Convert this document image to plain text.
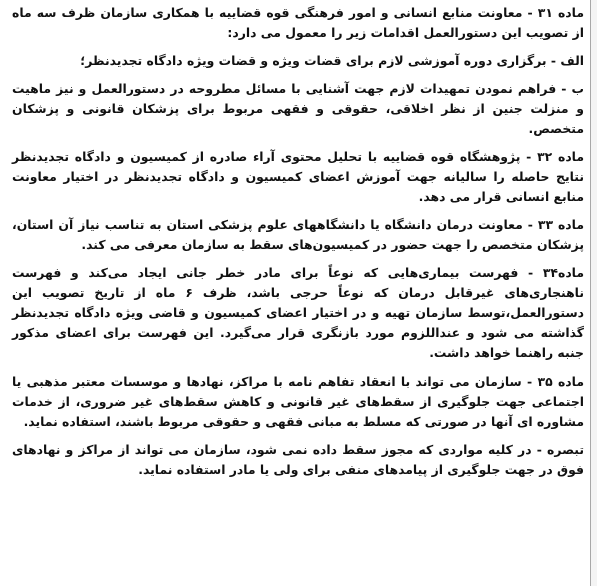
ماده ۳۱ - معاونت منابع انسانی و امور فرهنگی قوه قضاییه با همکاری سازمان ظرف سه ماه از تصویب این دستورالعمل اقدامات زیر را معمول می دارد:

الف - برگزاری دوره آموزشی لازم برای قضات ویژه و قضات ویژه دادگاه تجدیدنظر؛

ب - فراهم نمودن تمهیدات لازم جهت آشنایی با مسائل مطروحه در دستورالعمل و نیز ماهیت و منزلت جنین از نظر اخلاقی، حقوقی و فقهی مربوط برای پزشکان قانونی و پزشکان متخصص.

ماده ۳۲ - پژوهشگاه قوه قضاییه با تحلیل محتوی آراء صادره از کمیسیون و دادگاه تجدیدنظر نتایج حاصله را سالیانه جهت آموزش اعضای کمیسیون و دادگاه تجدیدنظر در اختیار معاونت منابع انسانی قرار می دهد.

ماده ۳۳ - معاونت درمان دانشگاه یا دانشگاههای علوم پزشکی استان به تناسب نیاز آن استان، پزشکان متخصص را جهت حضور در کمیسیون‌های سقط به سازمان معرفی می کند.

ماده۳۴ - فهرست بیماری‌هایی که نوعاً برای مادر خطر جانی ایجاد می‌کند و فهرست ناهنجاری‌های غیرقابل درمان که نوعاً حرجی باشد، ظرف ۶ ماه از تاریخ تصویب این دستورالعمل،توسط سازمان تهیه و در اختیار اعضای کمیسیون و قاضی ویژه دادگاه تجدیدنظر گذاشته می شود و عنداللزوم مورد بازنگری قرار می‌گیرد. این فهرست برای اعضای مذکور جنبه راهنما خواهد داشت.

ماده ۳۵ - سازمان می تواند با انعقاد تفاهم نامه با مراکز، نهادها و موسسات معتبر مذهبی یا اجتماعی جهت جلوگیری از سقط‌های غیر قانونی و کاهش سقط‌های غیر ضروری، از خدمات مشاوره ای آنها در صورتی که مسلط به مبانی فقهی و حقوقی مربوط باشند، استفاده نماید.

تبصره - در کلیه مواردی که مجوز سقط داده نمی شود، سازمان می تواند از مراکز و نهادهای فوق در جهت جلوگیری از پیامدهای منفی برای ولی یا مادر استفاده نماید.
